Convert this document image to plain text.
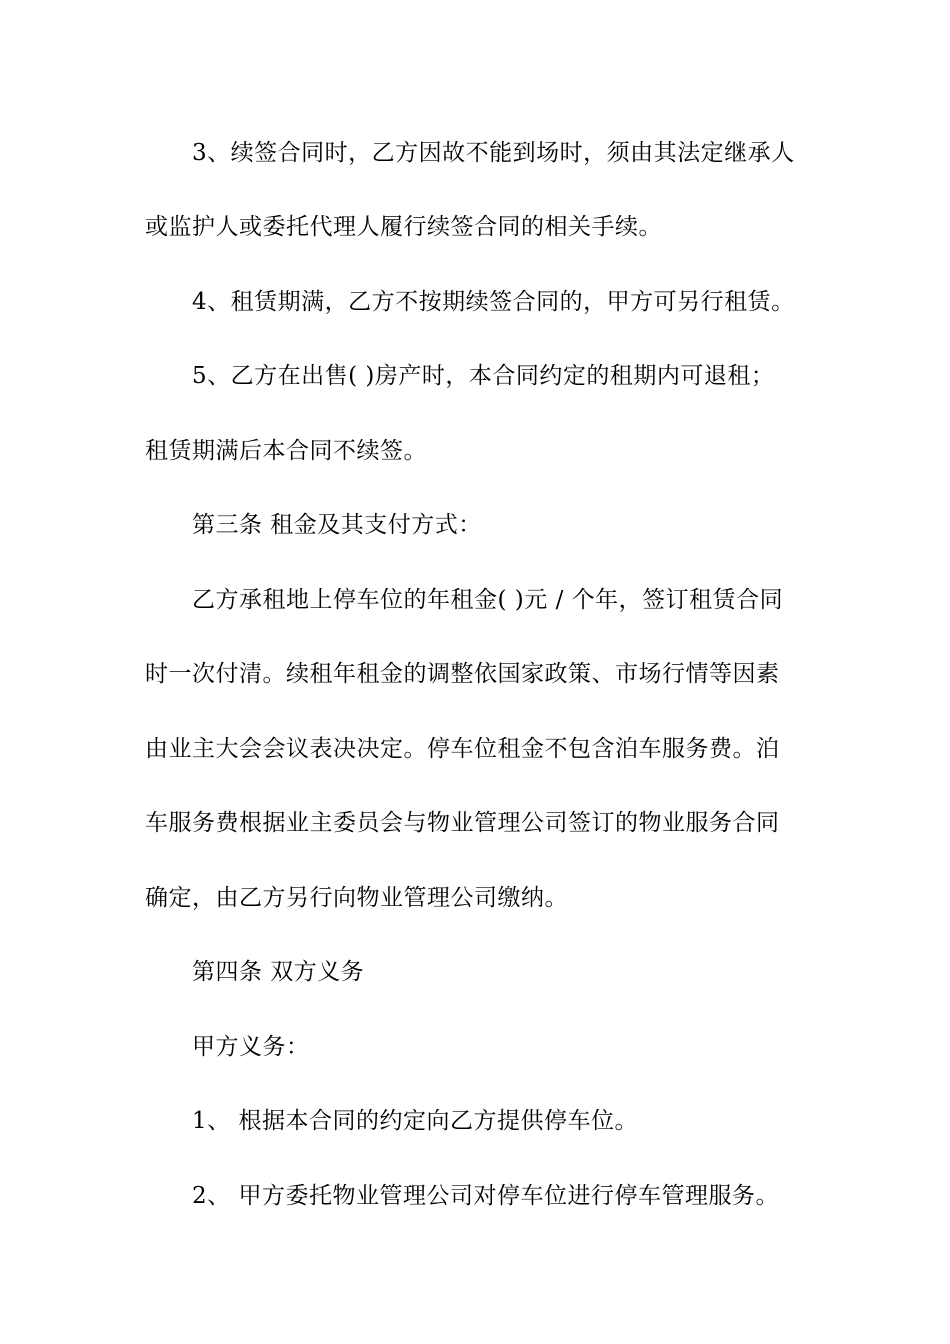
3、续签合同时，乙方因故不能到场时，须由其法定继承人
或监护人或委托代理人履行续签合同的相关手续。
4、租赁期满，乙方不按期续签合同的，甲方可另行租赁。
5、乙方在出售( )房产时，本合同约定的租期内可退租；
租赁期满后本合同不续签。
第三条 租金及其支付方式：
乙方承租地上停车位的年租金( )元 / 个年，签订租赁合同
时一次付清。续租年租金的调整依国家政策、市场行情等因素
由业主大会会议表决决定。停车位租金不包含泊车服务费。泊
车服务费根据业主委员会与物业管理公司签订的物业服务合同
确定，由乙方另行向物业管理公司缴纳。
第四条 双方义务
甲方义务：
1、 根据本合同的约定向乙方提供停车位。
2、 甲方委托物业管理公司对停车位进行停车管理服务。
